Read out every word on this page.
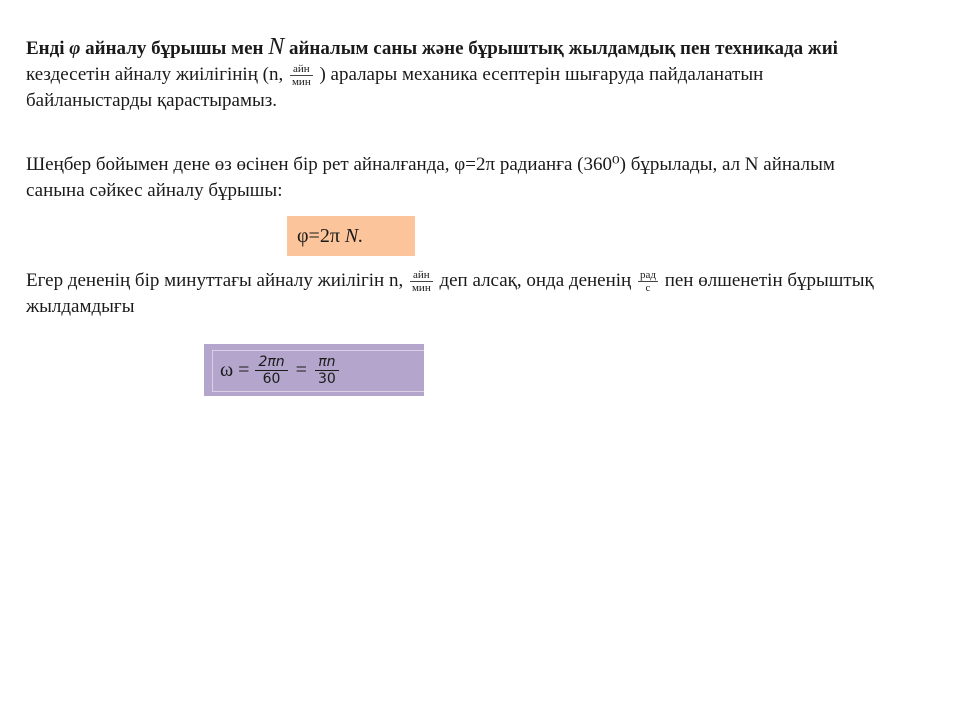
Енді φ айналу бұрышы мен N айналым саны және бұрыштық жылдамдық пен техникада жиі
кездесетін айналу жиілігінің (n, $\frac{\text{айн}}{\text{мин}}$ ) аралары механика есептерін шығаруда пайдаланатын
байланыстарды қарастырамыз.
Шеңбер бойымен дене өз өсінен бір рет айналғанда, φ=2π радианға (360⁰) бұрылады, ал N айналым
санына сәйкес айналу бұрышы:
φ=2π N.
Егер дененің бір минуттағы айналу жиілігін n, $\frac{\text{айн}}{\text{мин}}$ деп алсақ, онда дененің $\frac{\text{рад}}{с}$ пен өлшенетін бұрыштық
жылдамдығы
$\omega = \frac{2\pi n}{60} = \frac{\pi n}{30}$
